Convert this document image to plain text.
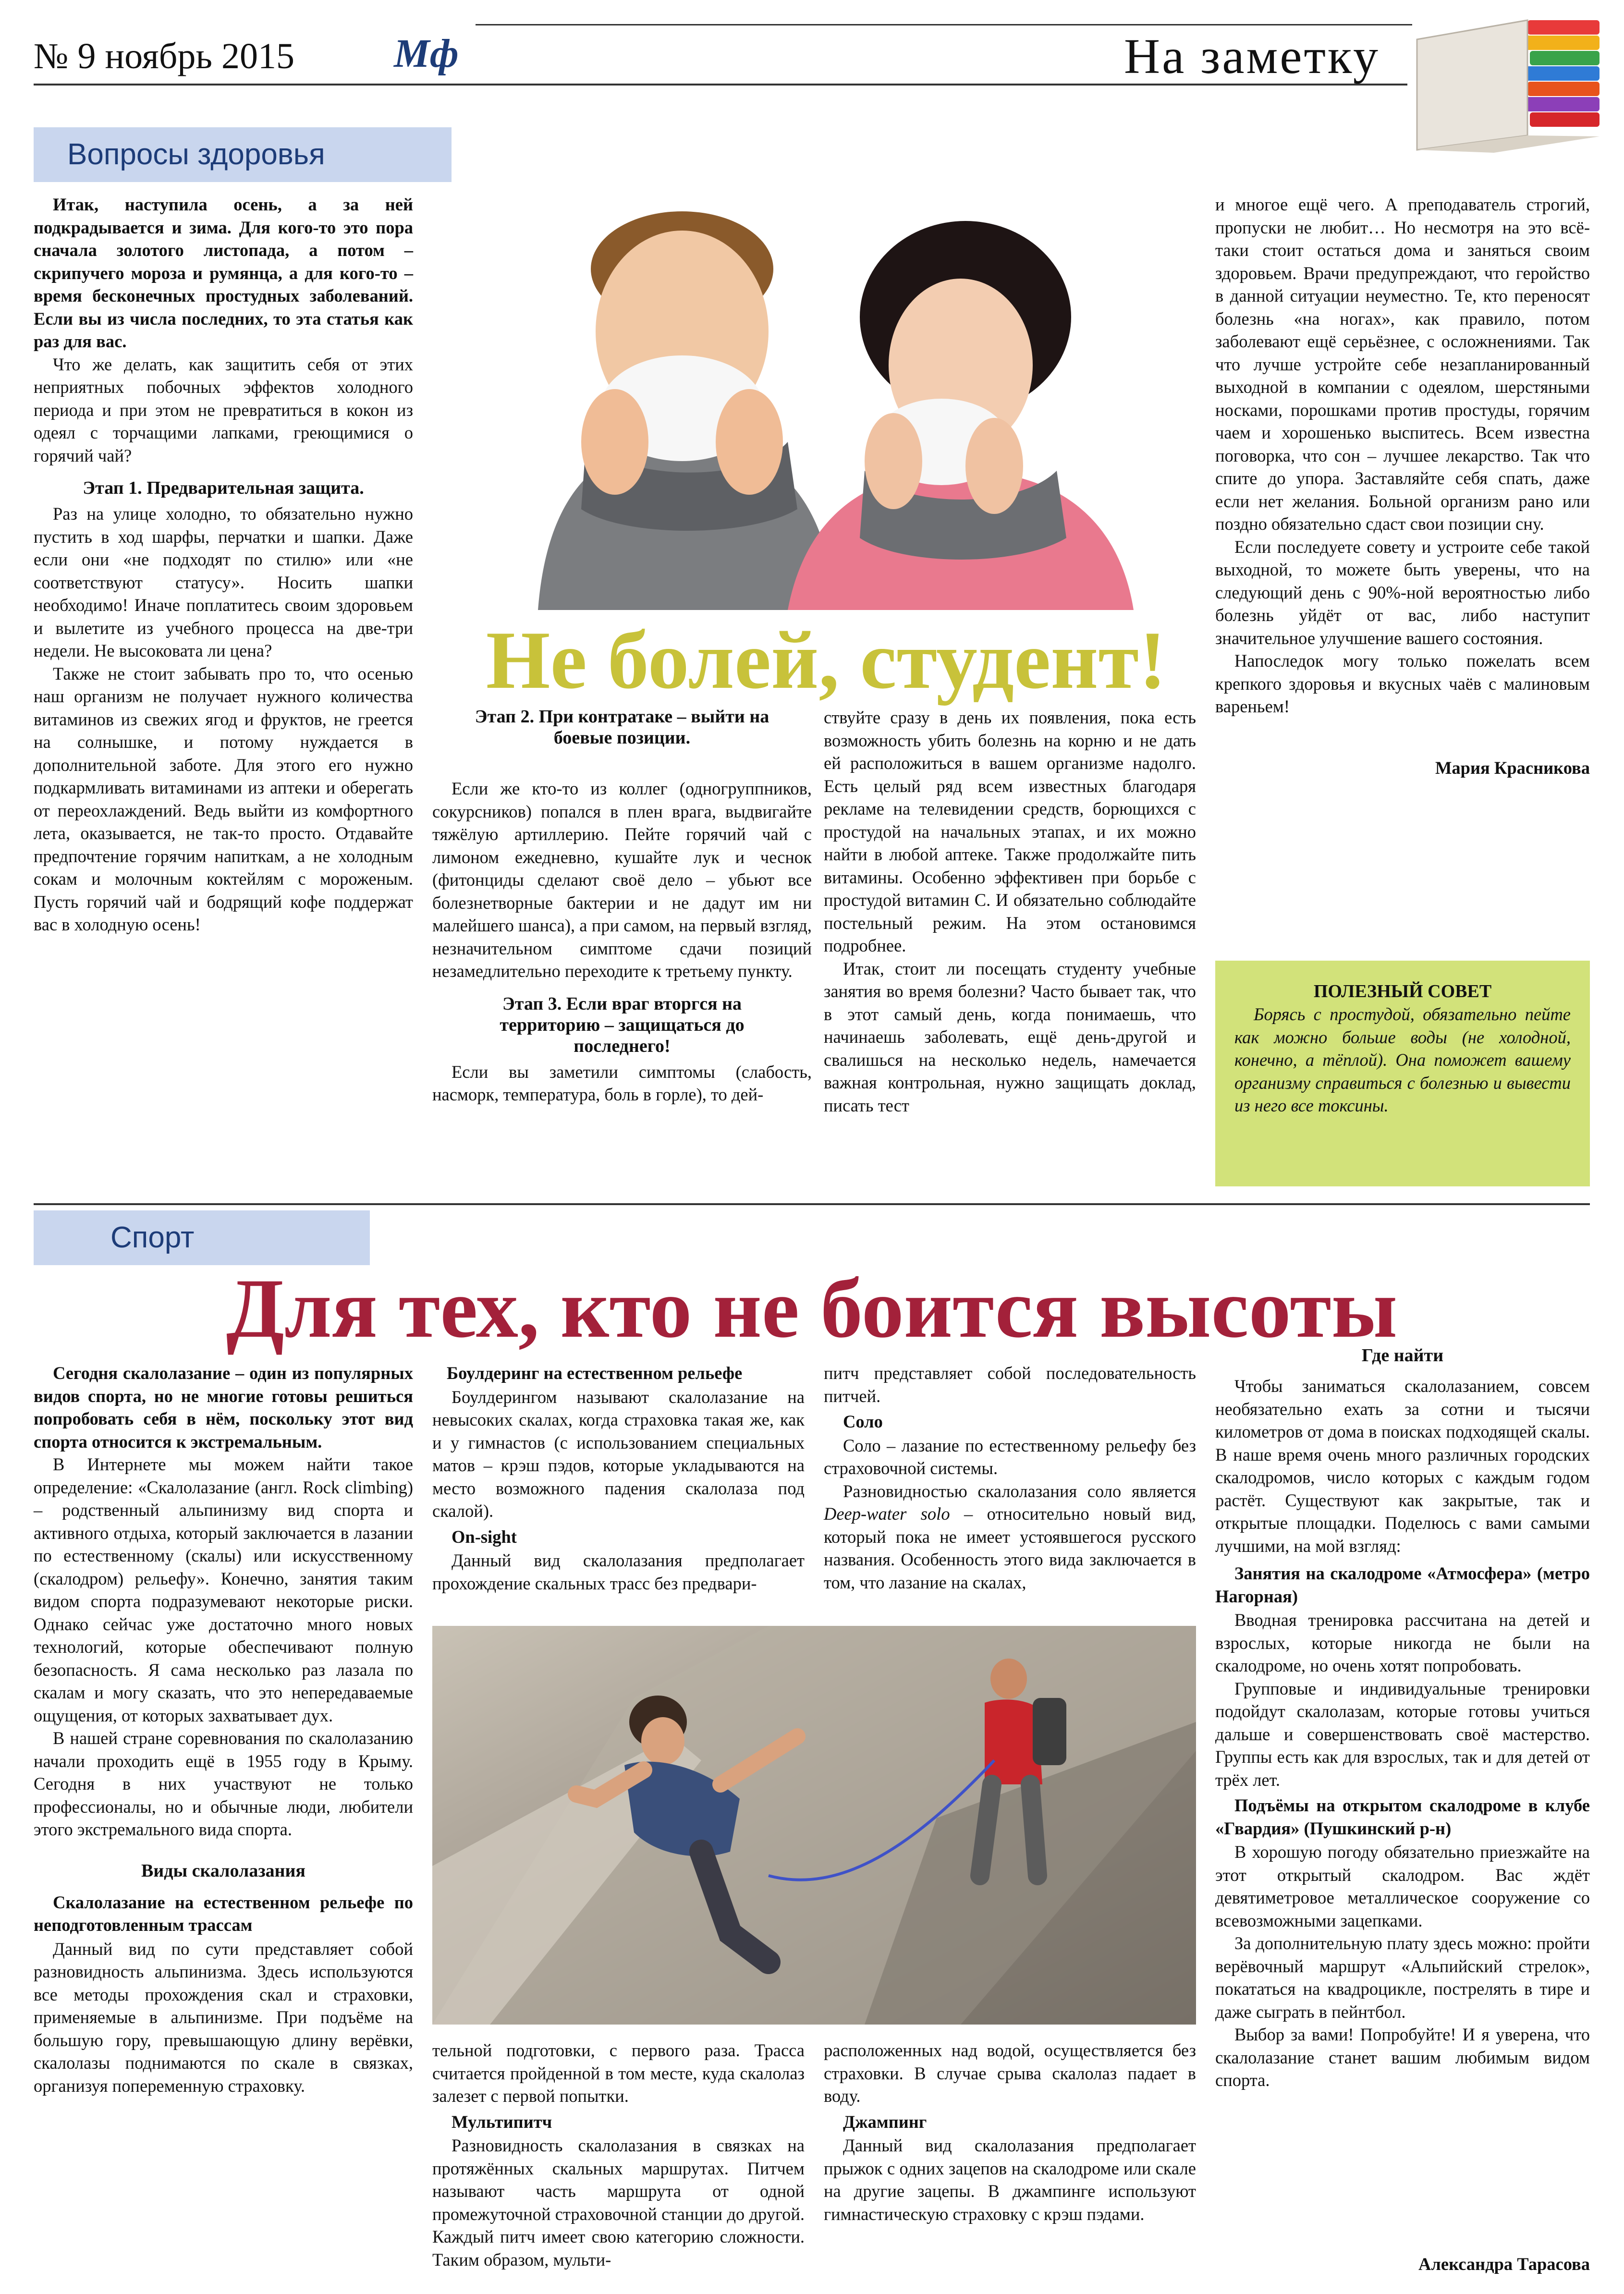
№ 9 ноябрь 2015 Мф	На заметку
Вопросы здоровья
Не болей, студент!

Итак, наступила осень, а за ней подкрадывается и зима. Для кого-то это пора сначала золотого листопада, а потом – скрипучего мороза и румянца, а для кого-то – время бесконечных простудных заболеваний. Если вы из числа последних, то эта статья как раз для вас.

Что же делать, как защитить себя от этих неприятных побочных эффектов холодного периода и при этом не превратиться в кокон из одеял с торчащими лапками, греющимися о горячий чай?

Этап 1. Предварительная защита.

Раз на улице холодно, то обязательно нужно пустить в ход шарфы, перчатки и шапки. Даже если они «не подходят по стилю» или «не соответствуют статусу». Носить шапки необходимо! Иначе поплатитесь своим здоровьем и вылетите из учебного процесса на две-три недели. Не высоковата ли цена?

Также не стоит забывать про то, что осенью наш организм не получает нужного количества витаминов из свежих ягод и фруктов, не греется на солнышке, и потому нуждается в дополнительной заботе. Для этого его нужно подкармливать витаминами из аптеки и оберегать от переохлаждений. Ведь выйти из комфортного лета, оказывается, не так-то просто. Отдавайте предпочтение горячим напиткам, а не холодным сокам и молочным коктейлям с мороженым. Пусть горячий чай и бодрящий кофе поддержат вас в холодную осень!

Этап 2. При контратаке – выйти на боевые позиции.

Если же кто-то из коллег (одногруппников, сокурсников) попался в плен врага, выдвигайте тяжёлую артиллерию. Пейте горячий чай с лимоном ежедневно, кушайте лук и чеснок (фитонциды сделают своё дело – убьют все болезнетворные бактерии и не дадут им ни малейшего шанса), а при самом, на первый взгляд, незначительном симптоме сдачи позиций незамедлительно переходите к третьему пункту.

Этап 3. Если враг вторгся на территорию – защищаться до последнего!

Если вы заметили симптомы (слабость, насморк, температура, боль в горле), то дей-

ствуйте сразу в день их появления, пока есть возможность убить болезнь на корню и не дать ей расположиться в вашем организме надолго. Есть целый ряд всем известных благодаря рекламе на телевидении средств, борющихся с простудой на начальных этапах, и их можно найти в любой аптеке. Также продолжайте пить витамины. Особенно эффективен при борьбе с простудой витамин С. И обязательно соблюдайте постельный режим. На этом остановимся подробнее.

Итак, стоит ли посещать студенту учебные занятия во время болезни? Часто бывает так, что в этот самый день, когда понимаешь, что начинаешь заболевать, ещё день-другой и свалишься на несколько недель, намечается важная контрольная, нужно защищать доклад, писать тест

и многое ещё чего. А преподаватель строгий, пропуски не любит… Но несмотря на это всё-таки стоит остаться дома и заняться своим здоровьем. Врачи предупреждают, что геройство в данной ситуации неуместно. Те, кто переносят болезнь «на ногах», как правило, потом заболевают ещё серьёзнее, с осложнениями. Так что лучше устройте себе незапланированный выходной в компании с одеялом, шерстяными носками, порошками против простуды, горячим чаем и хорошенько выспитесь. Всем известна поговорка, что сон – лучшее лекарство. Так что спите до упора. Заставляйте себя спать, даже если нет желания. Больной организм рано или поздно обязательно сдаст свои позиции сну.

Если последуете совету и устроите себе такой выходной, то можете быть уверены, что на следующий день с 90%-ной вероятностью либо болезнь уйдёт от вас, либо наступит значительное улучшение вашего состояния.

Напоследок могу только пожелать всем крепкого здоровья и вкусных чаёв с малиновым вареньем!

Мария Красникова

ПОЛЕЗНЫЙ СОВЕТ
Борясь с простудой, обязательно пейте как можно больше воды (не холодной, конечно, а тёплой). Она поможет вашему организму справиться с болезнью и вывести из него все токсины.
Спорт
Для тех, кто не боится высоты

Сегодня скалолазание – один из популярных видов спорта, но не многие готовы решиться попробовать себя в нём, поскольку этот вид спорта относится к экстремальным.

В Интернете мы можем найти такое определение: «Скалолазание (англ. Rock climbing) – родственный альпинизму вид спорта и активного отдыха, который заключается в лазании по естественному (скалы) или искусственному (скалодром) рельефу». Конечно, занятия таким видом спорта подразумевают некоторые риски. Однако сейчас уже достаточно много новых технологий, которые обеспечивают полную безопасность. Я сама несколько раз лазала по скалам и могу сказать, что это непередаваемые ощущения, от которых захватывает дух.

В нашей стране соревнования по скалолазанию начали проходить ещё в 1955 году в Крыму. Сегодня в них участвуют не только профессионалы, но и обычные люди, любители этого экстремального вида спорта.

Виды скалолазания
Скалолазание на естественном рельефе по неподготовленным трассам

Данный вид по сути представляет собой разновидность альпинизма. Здесь используются все методы прохождения скал и страховки, применяемые в альпинизме. При подъёме на большую гору, превышающую длину верёвки, скалолазы поднимаются по скале в связках, организуя попеременную страховку.

Боулдеринг на естественном рельефе

Боулдерингом называют скалолазание на невысоких скалах, когда страховка такая же, как и у гимнастов (с использованием специальных матов – крэш пэдов, которые укладываются на место возможного падения скалолаза под скалой).

On-sight

Данный вид скалолазания предполагает прохождение скальных трасс без предвари-

питч представляет собой последовательность питчей.

Соло

Соло – лазание по естественному рельефу без страховочной системы.

Разновидностью скалолазания соло является Deep-water solo – относительно новый вид, который пока не имеет устоявшегося русского названия. Особенность этого вида заключается в том, что лазание на скалах,

тельной подготовки, с первого раза. Трасса считается пройденной в том месте, куда скалолаз залезет с первой попытки.

Мультипитч

Разновидность скалолазания в связках на протяжённых скальных маршрутах. Питчем называют часть маршрута от одной промежуточной страховочной станции до другой. Каждый питч имеет свою категорию сложности. Таким образом, мульти-

расположенных над водой, осуществляется без страховки. В случае срыва скалолаз падает в воду.

Джампинг

Данный вид скалолазания предполагает прыжок с одних зацепов на скалодроме или скале на другие зацепы. В джампинге используют гимнастическую страховку с крэш пэдами.

Где найти

Чтобы заниматься скалолазанием, совсем необязательно ехать за сотни и тысячи километров от дома в поисках подходящей скалы. В наше время очень много различных городских скалодромов, число которых с каждым годом растёт. Существуют как закрытые, так и открытые площадки. Поделюсь с вами самыми лучшими, на мой взгляд:

Занятия на скалодроме «Атмосфера» (метро Нагорная)

Вводная тренировка рассчитана на детей и взрослых, которые никогда не были на скалодроме, но очень хотят попробовать.

Групповые и индивидуальные тренировки подойдут скалолазам, которые готовы учиться дальше и совершенствовать своё мастерство. Группы есть как для взрослых, так и для детей от трёх лет.

Подъёмы на открытом скалодроме в клубе «Гвардия» (Пушкинский р-н)

В хорошую погоду обязательно приезжайте на этот открытый скалодром. Вас ждёт девятиметровое металлическое сооружение со всевозможными зацепками.

За дополнительную плату здесь можно: пройти верёвочный маршрут «Альпийский стрелок», покататься на квадроцикле, пострелять в тире и даже сыграть в пейнтбол.

Выбор за вами! Попробуйте! И я уверена, что скалолазание станет вашим любимым видом спорта.

Александра Тарасова
